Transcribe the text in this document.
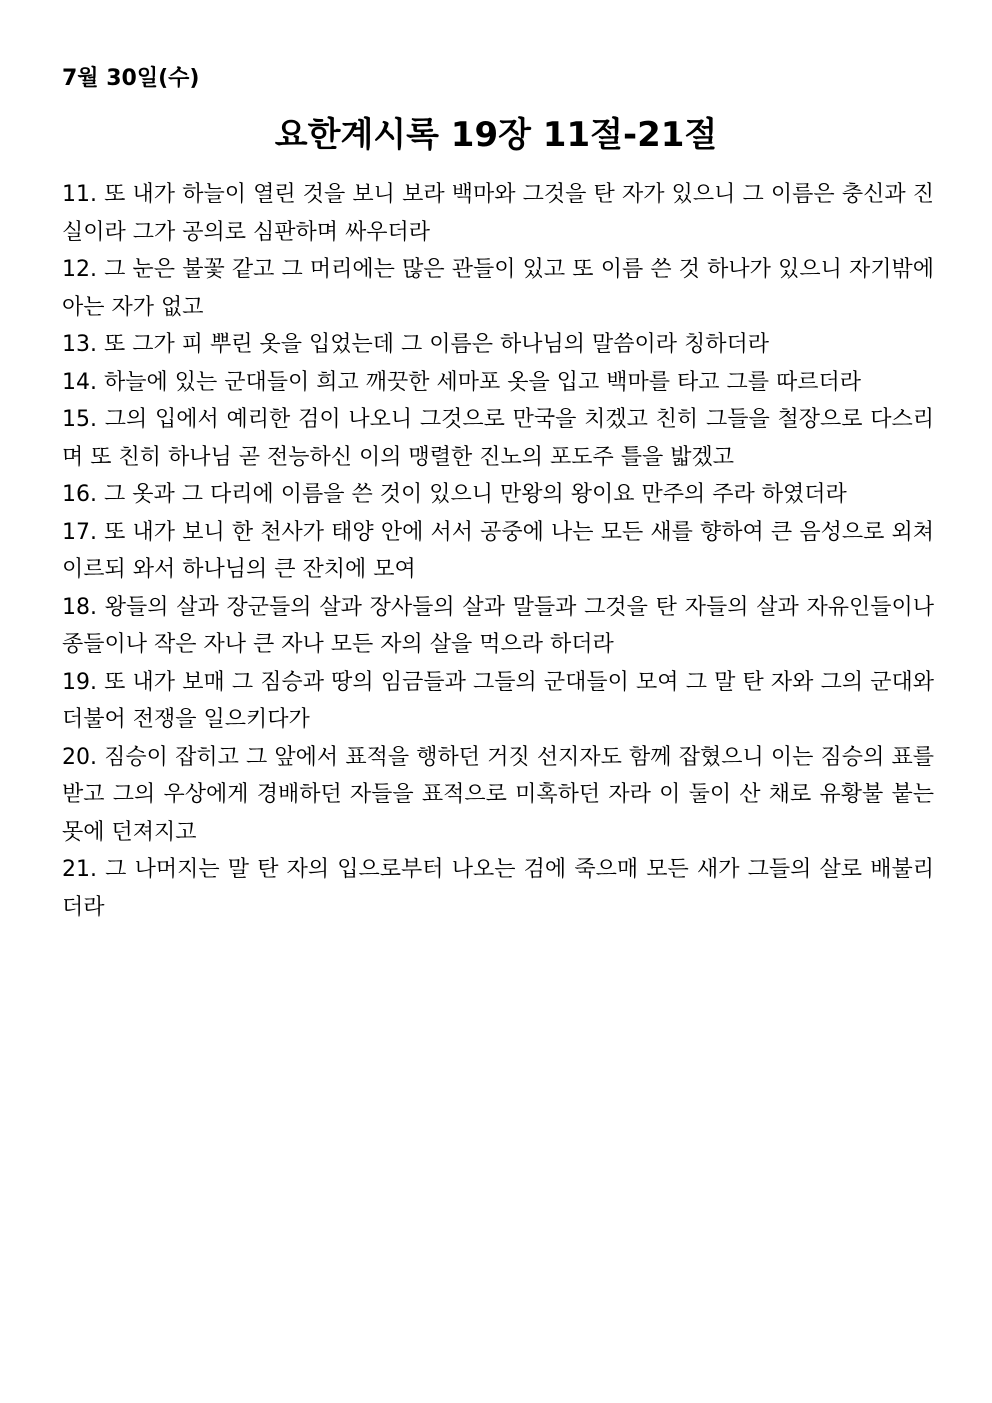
7월 30일(수)
요한계시록 19장 11절-21절
11. 또 내가 하늘이 열린 것을 보니 보라 백마와 그것을 탄 자가 있으니 그 이름은 충신과 진실이라 그가 공의로 심판하며 싸우더라
12. 그 눈은 불꽃 같고 그 머리에는 많은 관들이 있고 또 이름 쓴 것 하나가 있으니 자기밖에 아는 자가 없고
13. 또 그가 피 뿌린 옷을 입었는데 그 이름은 하나님의 말씀이라 칭하더라
14. 하늘에 있는 군대들이 희고 깨끗한 세마포 옷을 입고 백마를 타고 그를 따르더라
15. 그의 입에서 예리한 검이 나오니 그것으로 만국을 치겠고 친히 그들을 철장으로 다스리며 또 친히 하나님 곧 전능하신 이의 맹렬한 진노의 포도주 틀을 밟겠고
16. 그 옷과 그 다리에 이름을 쓴 것이 있으니 만왕의 왕이요 만주의 주라 하였더라
17. 또 내가 보니 한 천사가 태양 안에 서서 공중에 나는 모든 새를 향하여 큰 음성으로 외쳐 이르되 와서 하나님의 큰 잔치에 모여
18. 왕들의 살과 장군들의 살과 장사들의 살과 말들과 그것을 탄 자들의 살과 자유인들이나 종들이나 작은 자나 큰 자나 모든 자의 살을 먹으라 하더라
19. 또 내가 보매 그 짐승과 땅의 임금들과 그들의 군대들이 모여 그 말 탄 자와 그의 군대와 더불어 전쟁을 일으키다가
20. 짐승이 잡히고 그 앞에서 표적을 행하던 거짓 선지자도 함께 잡혔으니 이는 짐승의 표를 받고 그의 우상에게 경배하던 자들을 표적으로 미혹하던 자라 이 둘이 산 채로 유황불 붙는 못에 던져지고
21. 그 나머지는 말 탄 자의 입으로부터 나오는 검에 죽으매 모든 새가 그들의 살로 배불리더라
